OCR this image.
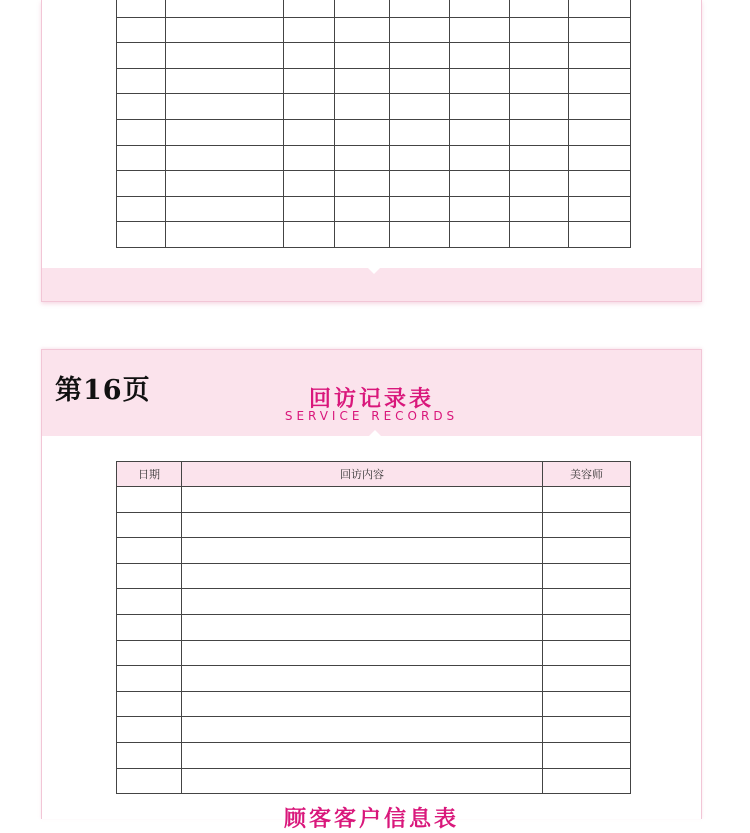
第16页	回访记录表
SERVICE RECORDS
日期	回访内容	美容师

顾客客户信息表
